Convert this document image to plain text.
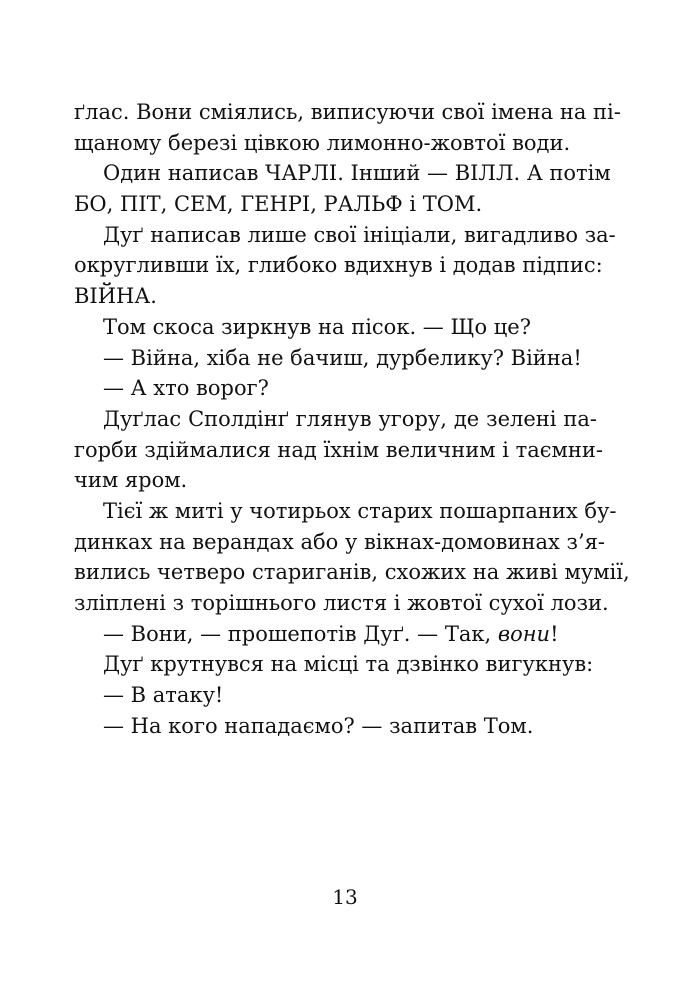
ґлас. Вони сміялись, виписуючи свої імена на пі-
щаному березі цівкою лимонно-жовтої води.
Один написав ЧАРЛІ. Інший — ВІЛЛ. А потім
БО, ПІТ, СЕМ, ГЕНРІ, РАЛЬФ і ТОМ.
Дуґ написав лише свої ініціали, вигадливо за-
округливши їх, глибоко вдихнув і додав підпис:
ВІЙНА.
Том скоса зиркнув на пісок. — Що це?
— Війна, хіба не бачиш, дурбелику? Війна!
— А хто ворог?
Дуґлас Сполдінґ глянув угору, де зелені па-
горби здіймалися над їхнім величним і таємни-
чим яром.
Тієї ж миті у чотирьох старих пошарпаних бу-
динках на верандах або у вікнах-домовинах з’я-
вились четверо стариганів, схожих на живі мумії,
зліплені з торішнього листя і жовтої сухої лози.
— Вони, — прошепотів Дуґ. — Так, вони!
Дуґ крутнувся на місці та дзвінко вигукнув:
— В атаку!
— На кого нападаємо? — запитав Том.
13
